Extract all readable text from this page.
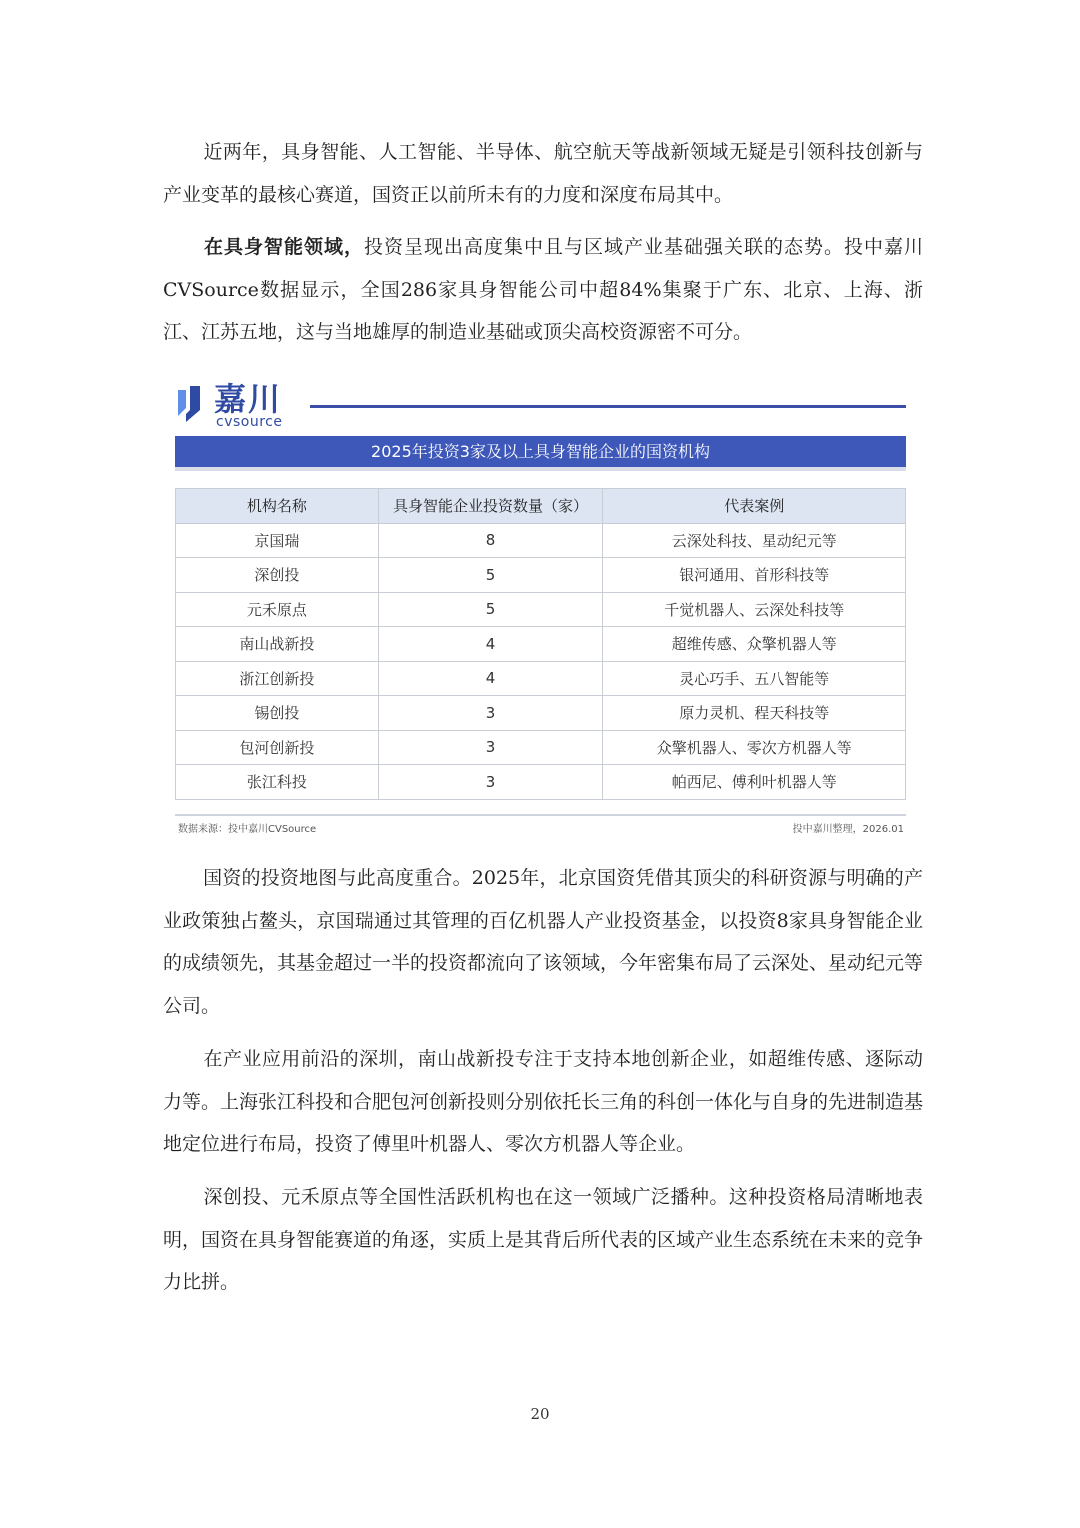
近两年，具身智能、人工智能、半导体、航空航天等战新领域无疑是引领科技创新与产业变革的最核心赛道，国资正以前所未有的力度和深度布局其中。

在具身智能领域，投资呈现出高度集中且与区域产业基础强关联的态势。投中嘉川CVSource数据显示，全国286家具身智能公司中超84%集聚于广东、北京、上海、浙江、江苏五地，这与当地雄厚的制造业基础或顶尖高校资源密不可分。

嘉川
cvsource
2025年投资3家及以上具身智能企业的国资机构
机构名称	具身智能企业投资数量（家）	代表案例
京国瑞	8	云深处科技、星动纪元等
深创投	5	银河通用、首形科技等
元禾原点	5	千觉机器人、云深处科技等
南山战新投	4	超维传感、众擎机器人等
浙江创新投	4	灵心巧手、五八智能等
锡创投	3	原力灵机、程天科技等
包河创新投	3	众擎机器人、零次方机器人等
张江科投	3	帕西尼、傅利叶机器人等
数据来源：投中嘉川CVSource	投中嘉川整理，2026.01

国资的投资地图与此高度重合。2025年，北京国资凭借其顶尖的科研资源与明确的产业政策独占鳌头，京国瑞通过其管理的百亿机器人产业投资基金，以投资8家具身智能企业的成绩领先，其基金超过一半的投资都流向了该领域，今年密集布局了云深处、星动纪元等公司。

在产业应用前沿的深圳，南山战新投专注于支持本地创新企业，如超维传感、逐际动力等。上海张江科投和合肥包河创新投则分别依托长三角的科创一体化与自身的先进制造基地定位进行布局，投资了傅里叶机器人、零次方机器人等企业。

深创投、元禾原点等全国性活跃机构也在这一领域广泛播种。这种投资格局清晰地表明，国资在具身智能赛道的角逐，实质上是其背后所代表的区域产业生态系统在未来的竞争力比拼。

20
